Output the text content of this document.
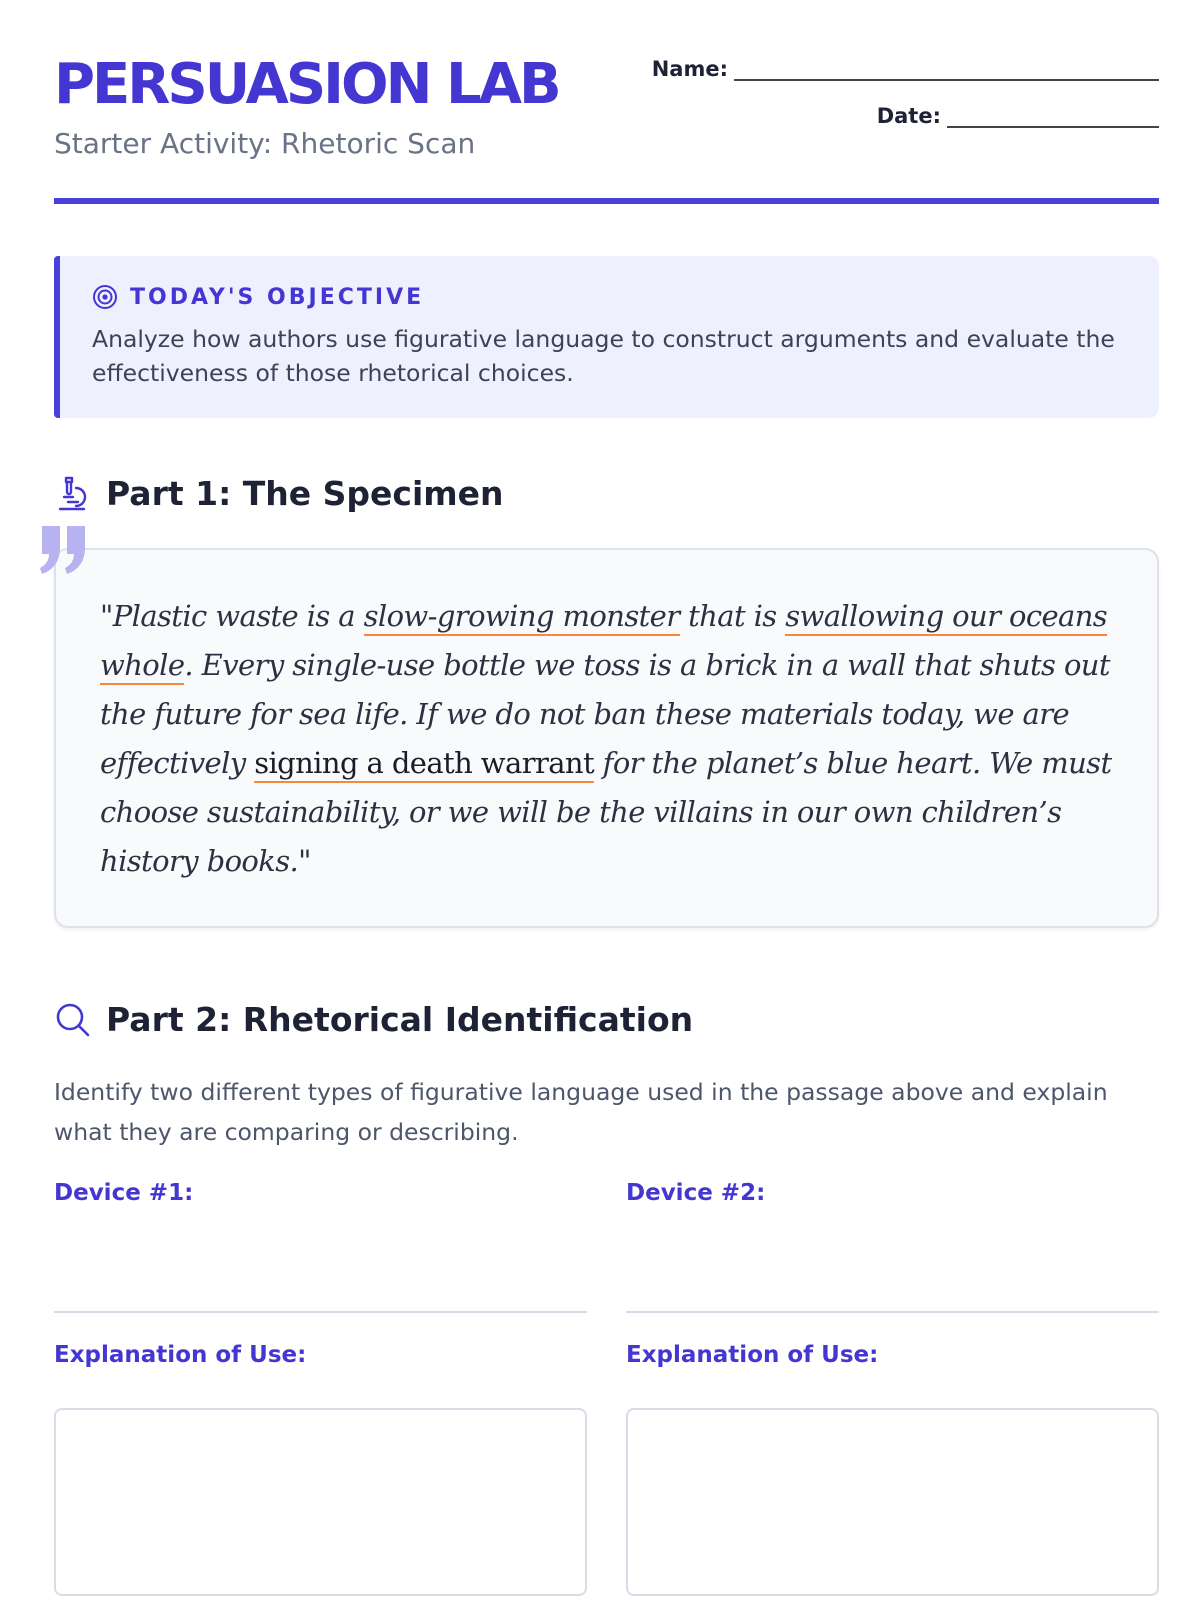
PERSUASION LAB
Starter Activity: Rhetoric Scan
Name:
Date:
TODAY'S OBJECTIVE
Analyze how authors use figurative language to construct arguments and evaluate the effectiveness of those rhetorical choices.
Part 1: The Specimen
"Plastic waste is a slow-growing monster that is swallowing our oceans whole. Every single-use bottle we toss is a brick in a wall that shuts out the future for sea life. If we do not ban these materials today, we are effectively signing a death warrant for the planet’s blue heart. We must choose sustainability, or we will be the villains in our own children’s history books."
Part 2: Rhetorical Identification
Identify two different types of figurative language used in the passage above and explain what they are comparing or describing.
Device #1:	Device #2:
Explanation of Use:	Explanation of Use:
